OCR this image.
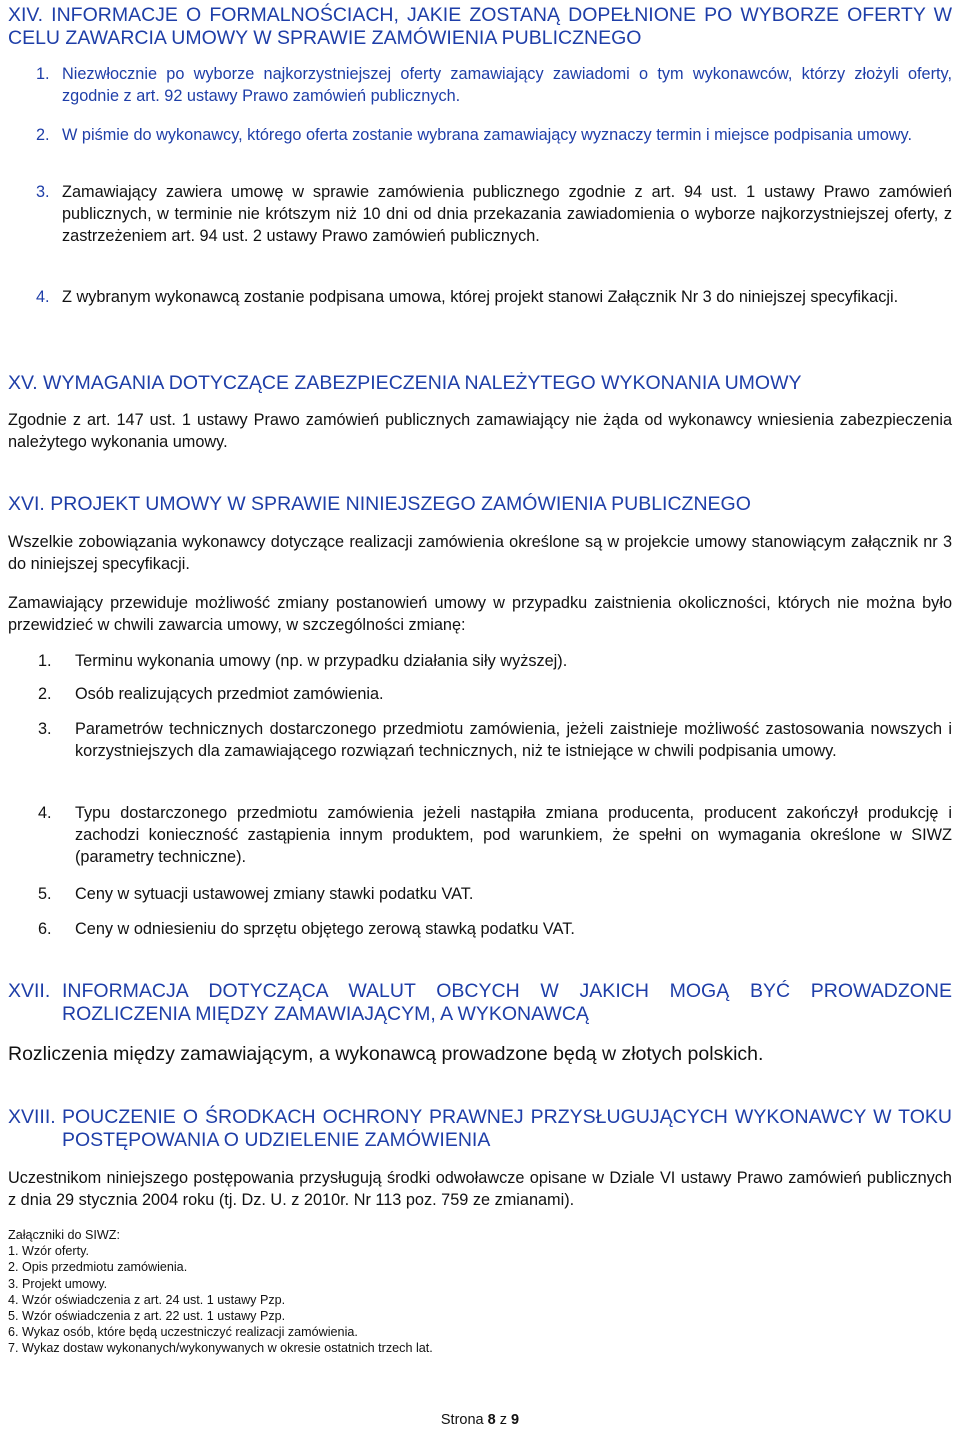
XIV. INFORMACJE O FORMALNOŚCIACH, JAKIE ZOSTANĄ DOPEŁNIONE PO WYBORZE OFERTY W CELU ZAWARCIA UMOWY W SPRAWIE ZAMÓWIENIA PUBLICZNEGO
1. Niezwłocznie po wyborze najkorzystniejszej oferty zamawiający zawiadomi o tym wykonawców, którzy złożyli oferty, zgodnie z art. 92 ustawy Prawo zamówień publicznych.
2. W piśmie do wykonawcy, którego oferta zostanie wybrana zamawiający wyznaczy termin i miejsce podpisania umowy.
3. Zamawiający zawiera umowę w sprawie zamówienia publicznego zgodnie z art. 94 ust. 1 ustawy Prawo zamówień publicznych, w terminie nie krótszym niż 10 dni od dnia przekazania zawiadomienia o wyborze najkorzystniejszej oferty, z zastrzeżeniem art. 94 ust. 2 ustawy Prawo zamówień publicznych.
4. Z wybranym wykonawcą zostanie podpisana umowa, której projekt stanowi Załącznik Nr 3 do niniejszej specyfikacji.
XV. WYMAGANIA DOTYCZĄCE ZABEZPIECZENIA NALEŻYTEGO WYKONANIA UMOWY
Zgodnie z art. 147 ust. 1 ustawy Prawo zamówień publicznych zamawiający nie żąda od wykonawcy wniesienia zabezpieczenia należytego wykonania umowy.
XVI. PROJEKT UMOWY W SPRAWIE NINIEJSZEGO ZAMÓWIENIA PUBLICZNEGO
Wszelkie zobowiązania wykonawcy dotyczące realizacji zamówienia określone są w projekcie umowy stanowiącym załącznik nr 3 do niniejszej specyfikacji.
Zamawiający przewiduje możliwość zmiany postanowień umowy w przypadku zaistnienia okoliczności, których nie można było przewidzieć w chwili zawarcia umowy, w szczególności zmianę:
1. Terminu wykonania umowy (np. w przypadku działania siły wyższej).
2. Osób realizujących przedmiot zamówienia.
3. Parametrów technicznych dostarczonego przedmiotu zamówienia, jeżeli zaistnieje możliwość zastosowania nowszych i korzystniejszych dla zamawiającego rozwiązań technicznych, niż te istniejące w chwili podpisania umowy.
4. Typu dostarczonego przedmiotu zamówienia jeżeli nastąpiła zmiana producenta, producent zakończył produkcję i zachodzi konieczność zastąpienia innym produktem, pod warunkiem, że spełni on wymagania określone w SIWZ (parametry techniczne).
5. Ceny w sytuacji ustawowej zmiany stawki podatku VAT.
6. Ceny w odniesieniu do sprzętu objętego zerową stawką podatku VAT.
XVII. INFORMACJA DOTYCZĄCA WALUT OBCYCH W JAKICH MOGĄ BYĆ PROWADZONE ROZLICZENIA MIĘDZY ZAMAWIAJĄCYM, A WYKONAWCĄ
Rozliczenia między zamawiającym, a wykonawcą prowadzone będą w złotych polskich.
XVIII. POUCZENIE O ŚRODKACH OCHRONY PRAWNEJ PRZYSŁUGUJĄCYCH WYKONAWCY W TOKU POSTĘPOWANIA O UDZIELENIE ZAMÓWIENIA
Uczestnikom niniejszego postępowania przysługują środki odwoławcze opisane w Dziale VI ustawy Prawo zamówień publicznych z dnia 29 stycznia 2004 roku (tj. Dz. U. z 2010r. Nr 113 poz. 759 ze zmianami).
Załączniki do SIWZ:
1. Wzór oferty.
2. Opis przedmiotu zamówienia.
3. Projekt umowy.
4. Wzór oświadczenia z art. 24 ust. 1 ustawy Pzp.
5. Wzór oświadczenia z art. 22 ust. 1 ustawy Pzp.
6. Wykaz osób, które będą uczestniczyć realizacji zamówienia.
7. Wykaz dostaw wykonanych/wykonywanych w okresie ostatnich trzech lat.
Strona 8 z 9
